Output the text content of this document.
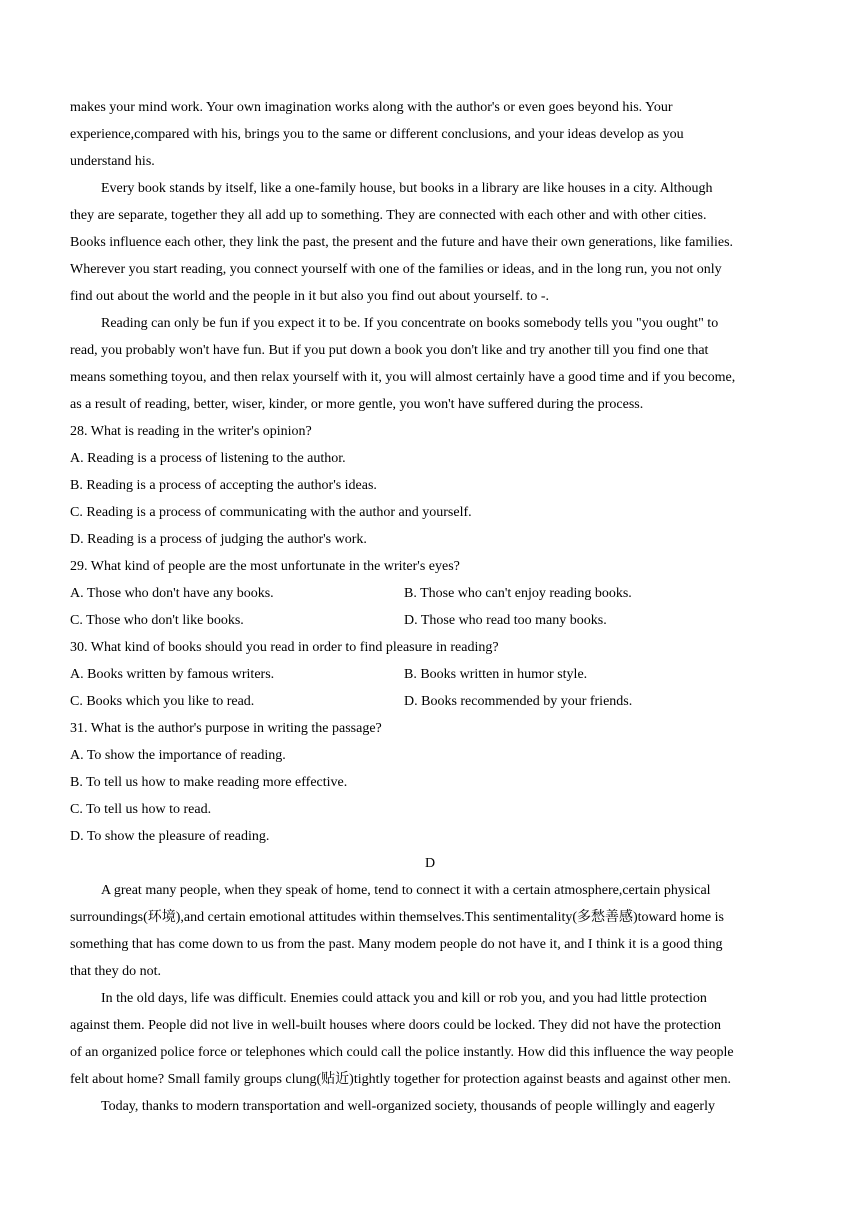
makes your mind work. Your own imagination works along with the author's or even goes beyond his. Your
experience,compared with his, brings you to the same or different conclusions, and your ideas develop as you
understand his.
Every book stands by itself, like a one-family house, but books in a library are like houses in a city. Although
they are separate, together they all add up to something. They are connected with each other and with other cities.
Books influence each other, they link the past, the present and the future and have their own generations, like families.
Wherever you start reading, you connect yourself with one of the families or ideas, and in the long run, you not only
find out about the world and the people in it but also you find out about yourself. to -.
Reading can only be fun if you expect it to be. If you concentrate on books somebody tells you "you ought" to
read, you probably won't have fun. But if you put down a book you don't like and try another till you find one that
means something toyou, and then relax yourself with it, you will almost certainly have a good time and if you become,
as a result of reading, better, wiser, kinder, or more gentle, you won't have suffered during the process.
28. What is reading in the writer's opinion?
A. Reading is a process of listening to the author.
B. Reading is a process of accepting the author's ideas.
C. Reading is a process of communicating with the author and yourself.
D. Reading is a process of judging the author's work.
29. What kind of people are the most unfortunate in the writer's eyes?
A. Those who don't have any books.	B. Those who can't enjoy reading books.
C. Those who don't like books.	D. Those who read too many books.
30. What kind of books should you read in order to find pleasure in reading?
A. Books written by famous writers.	B. Books written in humor style.
C. Books which you like to read.	D. Books recommended by your friends.
31. What is the author's purpose in writing the passage?
A. To show the importance of reading.
B. To tell us how to make reading more effective.
C. To tell us how to read.
D. To show the pleasure of reading.
D
A great many people, when they speak of home, tend to connect it with a certain atmosphere,certain physical
surroundings(环境),and certain emotional attitudes within themselves.This sentimentality(多愁善感)toward home is
something that has come down to us from the past. Many modem people do not have it, and I think it is a good thing
that they do not.
In the old days, life was difficult. Enemies could attack you and kill or rob you, and you had little protection
against them. People did not live in well-built houses where doors could be locked. They did not have the protection
of an organized police force or telephones which could call the police instantly. How did this influence the way people
felt about home? Small family groups clung(贴近)tightly together for protection against beasts and against other men.
Today, thanks to modern transportation and well-organized society, thousands of people willingly and eagerly
